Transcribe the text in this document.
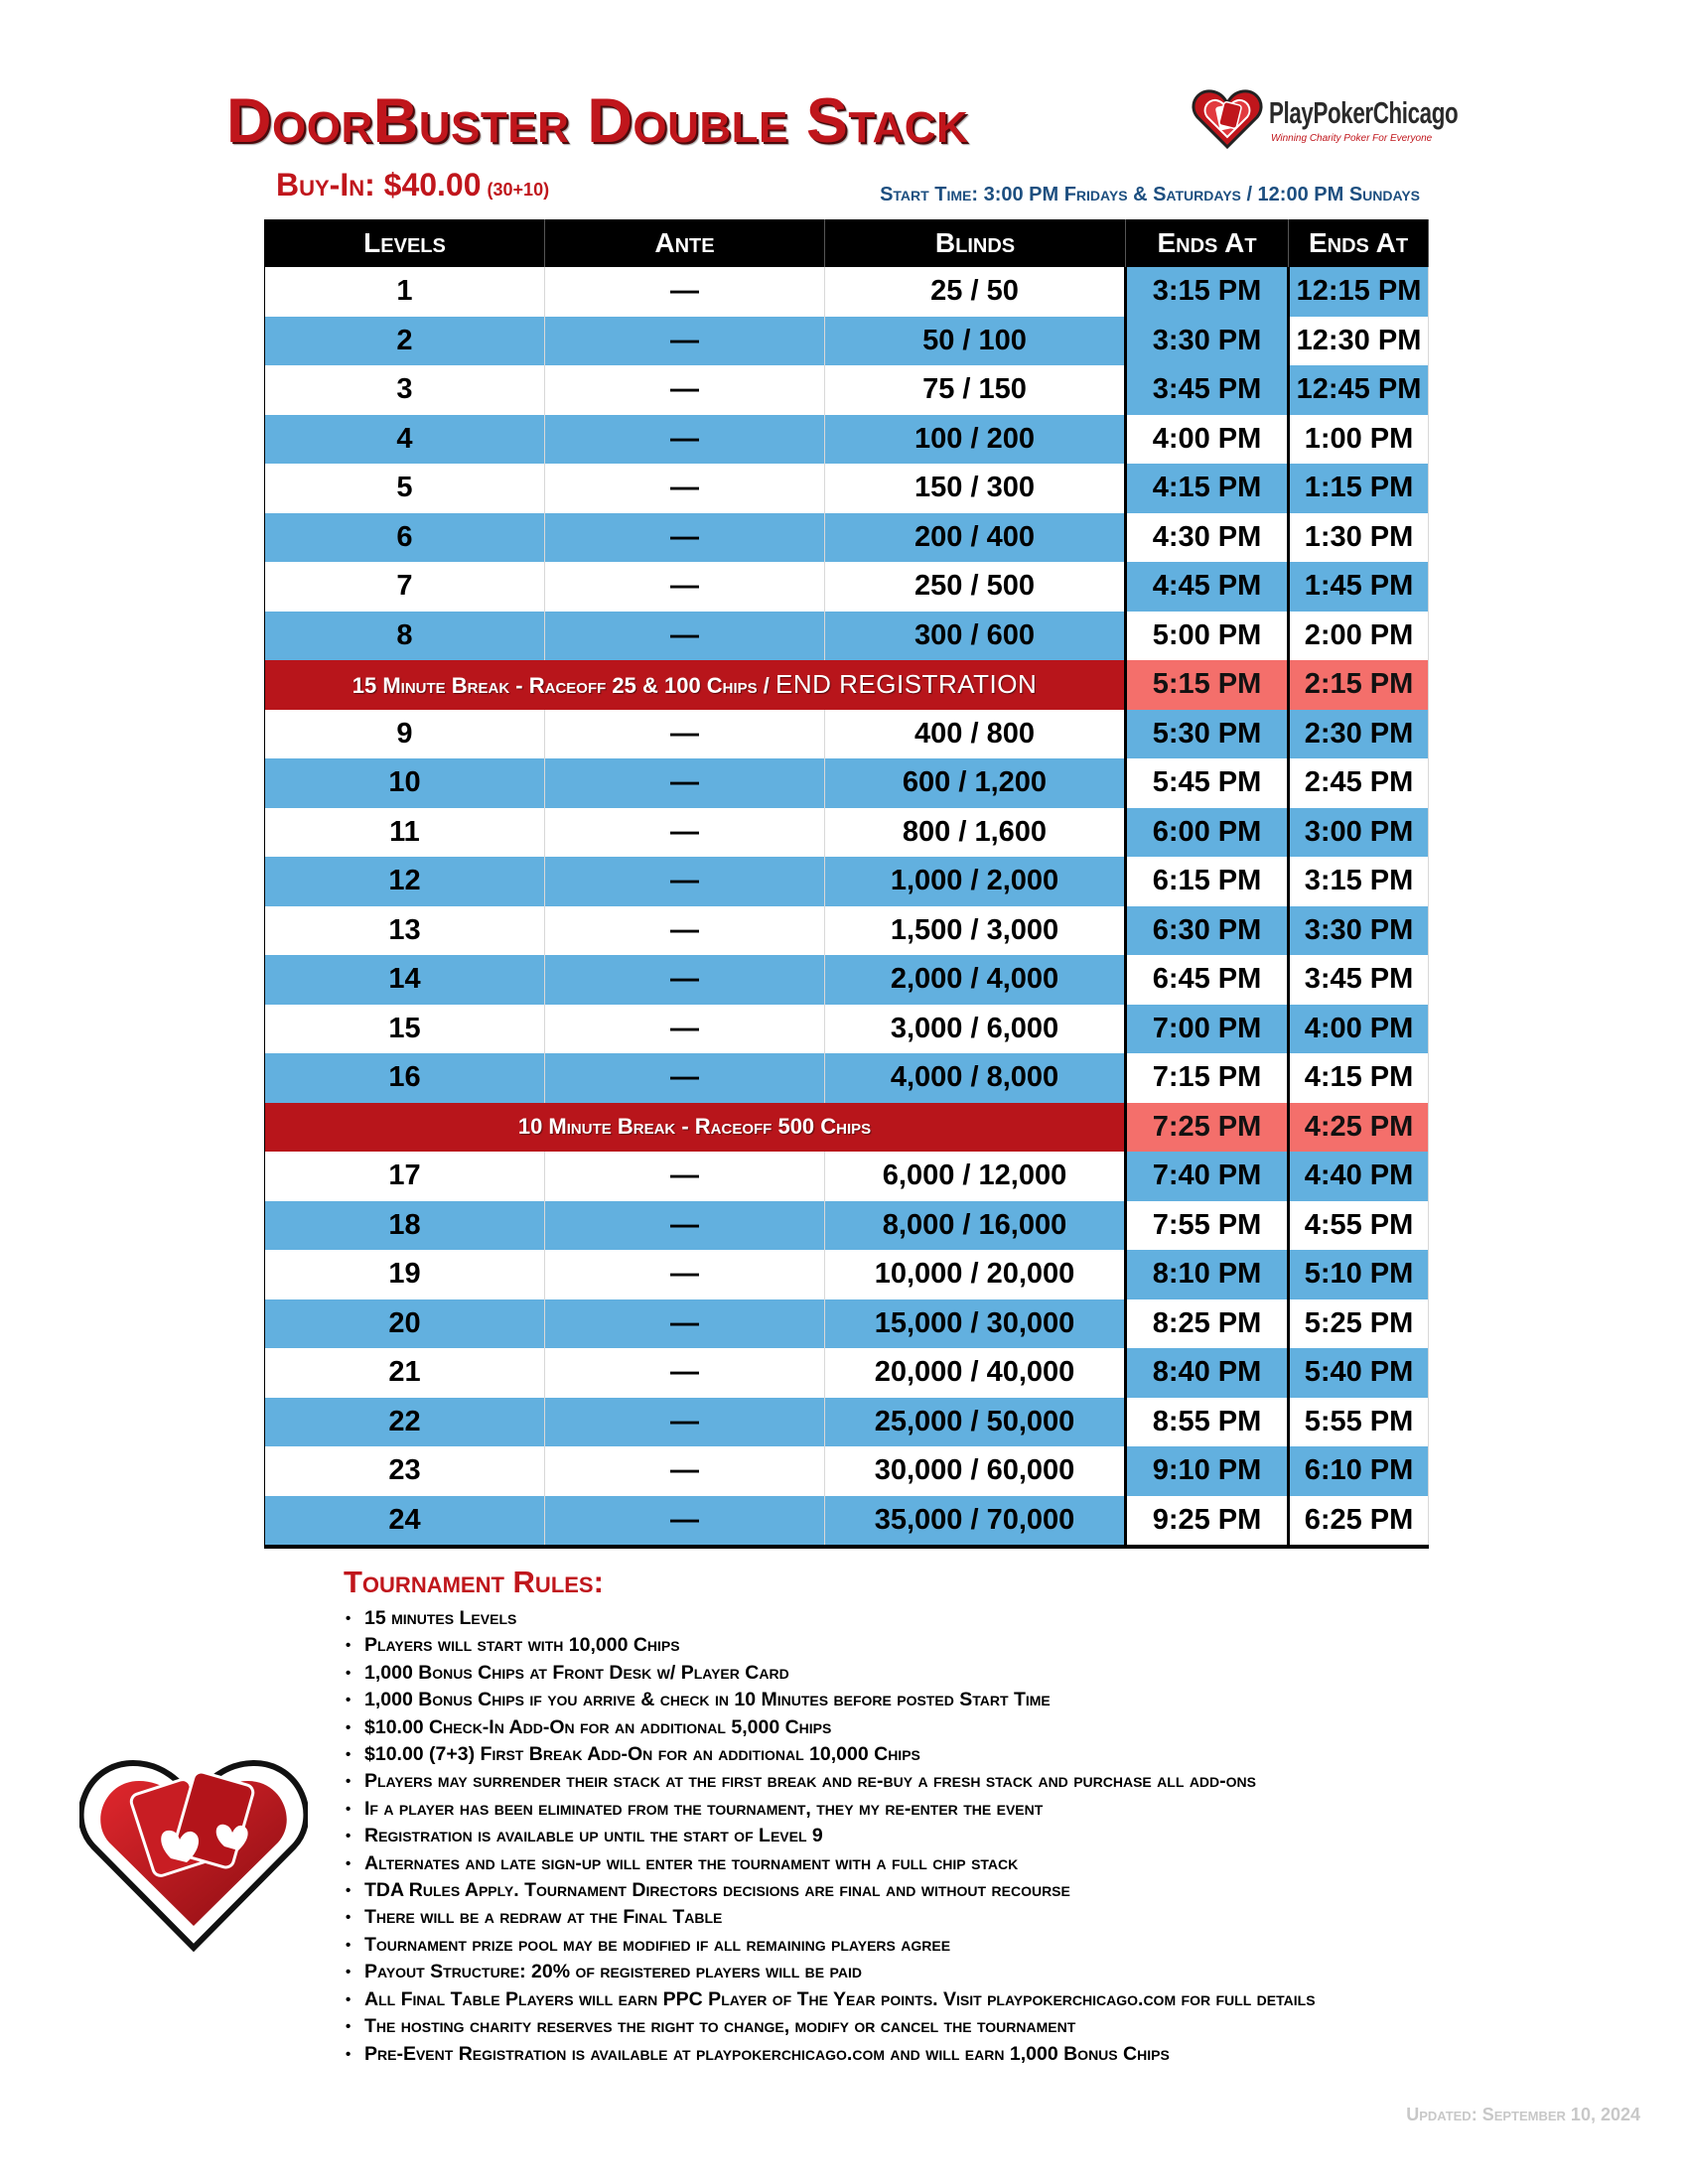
DoorBuster Double Stack	PlayPokerChicago
Winning Charity Poker For Everyone
Buy-In: $40.00 (30+10)	Start Time: 3:00 PM Fridays & Saturdays / 12:00 PM Sundays
Levels	Ante	Blinds	Ends At	Ends At
1	—	25 / 50	3:15 PM	12:15 PM
2	—	50 / 100	3:30 PM	12:30 PM
3	—	75 / 150	3:45 PM	12:45 PM
4	—	100 / 200	4:00 PM	1:00 PM
5	—	150 / 300	4:15 PM	1:15 PM
6	—	200 / 400	4:30 PM	1:30 PM
7	—	250 / 500	4:45 PM	1:45 PM
8	—	300 / 600	5:00 PM	2:00 PM
15 Minute Break - Raceoff 25 & 100 Chips / END REGISTRATION			5:15 PM	2:15 PM
9	—	400 / 800	5:30 PM	2:30 PM
10	—	600 / 1,200	5:45 PM	2:45 PM
11	—	800 / 1,600	6:00 PM	3:00 PM
12	—	1,000 / 2,000	6:15 PM	3:15 PM
13	—	1,500 / 3,000	6:30 PM	3:30 PM
14	—	2,000 / 4,000	6:45 PM	3:45 PM
15	—	3,000 / 6,000	7:00 PM	4:00 PM
16	—	4,000 / 8,000	7:15 PM	4:15 PM
10 Minute Break - Raceoff 500 Chips			7:25 PM	4:25 PM
17	—	6,000 / 12,000	7:40 PM	4:40 PM
18	—	8,000 / 16,000	7:55 PM	4:55 PM
19	—	10,000 / 20,000	8:10 PM	5:10 PM
20	—	15,000 / 30,000	8:25 PM	5:25 PM
21	—	20,000 / 40,000	8:40 PM	5:40 PM
22	—	25,000 / 50,000	8:55 PM	5:55 PM
23	—	30,000 / 60,000	9:10 PM	6:10 PM
24	—	35,000 / 70,000	9:25 PM	6:25 PM
Tournament Rules:
• 15 minutes Levels
• Players will start with 10,000 Chips
• 1,000 Bonus Chips at Front Desk w/ Player Card
• 1,000 Bonus Chips if you arrive & check in 10 Minutes before posted Start Time
• $10.00 Check-In Add-On for an additional 5,000 Chips
• $10.00 (7+3) First Break Add-On for an additional 10,000 Chips
• Players may surrender their stack at the first break and re-buy a fresh stack and purchase all add-ons
• If a player has been eliminated from the tournament, they my re-enter the event
• Registration is available up until the start of Level 9
• Alternates and late sign-up will enter the tournament with a full chip stack
• TDA Rules Apply. Tournament Directors decisions are final and without recourse
• There will be a redraw at the Final Table
• Tournament prize pool may be modified if all remaining players agree
• Payout Structure: 20% of registered players will be paid
• All Final Table Players will earn PPC Player of The Year points. Visit playpokerchicago.com for full details
• The hosting charity reserves the right to change, modify or cancel the tournament
• Pre-Event Registration is available at playpokerchicago.com and will earn 1,000 Bonus Chips
Updated: September 10, 2024
